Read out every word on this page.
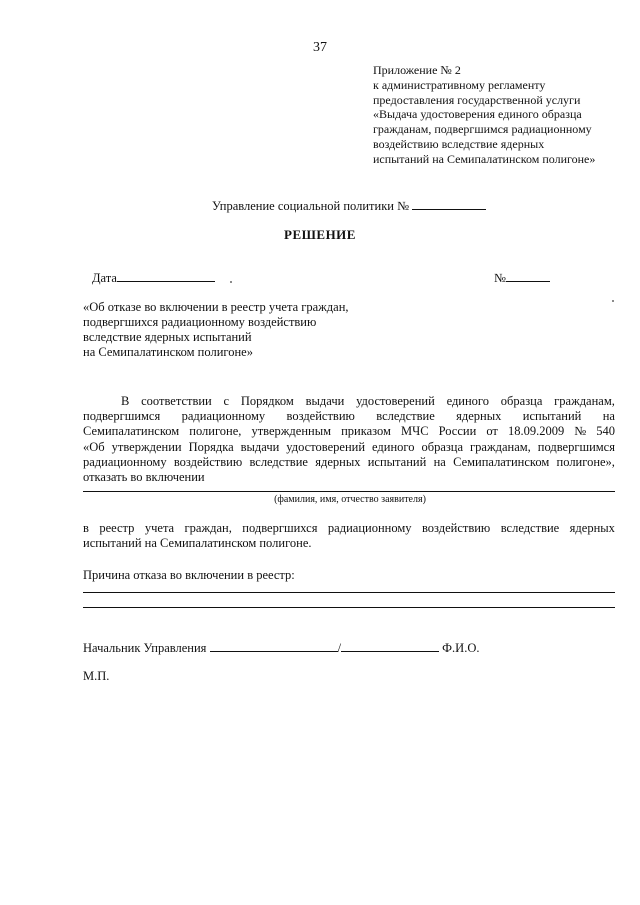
37
Приложение № 2
к административному регламенту
предоставления государственной услуги
«Выдача удостоверения единого образца
гражданам, подвергшимся радиационному
воздействию вследствие ядерных
испытаний на Семипалатинском полигоне»
Управление социальной политики №
РЕШЕНИЕ
Дата	№
«Об отказе во включении в реестр учета граждан,
подвергшихся радиационному воздействию
вследствие ядерных испытаний
на Семипалатинском полигоне»
В соответствии с Порядком выдачи удостоверений единого образца гражданам,
подвергшимся радиационному воздействию вследствие ядерных испытаний на
Семипалатинском полигоне, утвержденным приказом МЧС России от 18.09.2009 № 540
«Об утверждении Порядка выдачи удостоверений единого образца гражданам, подвергшимся
радиационному воздействию вследствие ядерных испытаний на Семипалатинском полигоне»,
отказать во включении
(фамилия, имя, отчество заявителя)
в реестр учета граждан, подвергшихся радиационному воздействию вследствие ядерных
испытаний на Семипалатинском полигоне.
Причина отказа во включении в реестр:
Начальник Управления	/	Ф.И.О.
М.П.
